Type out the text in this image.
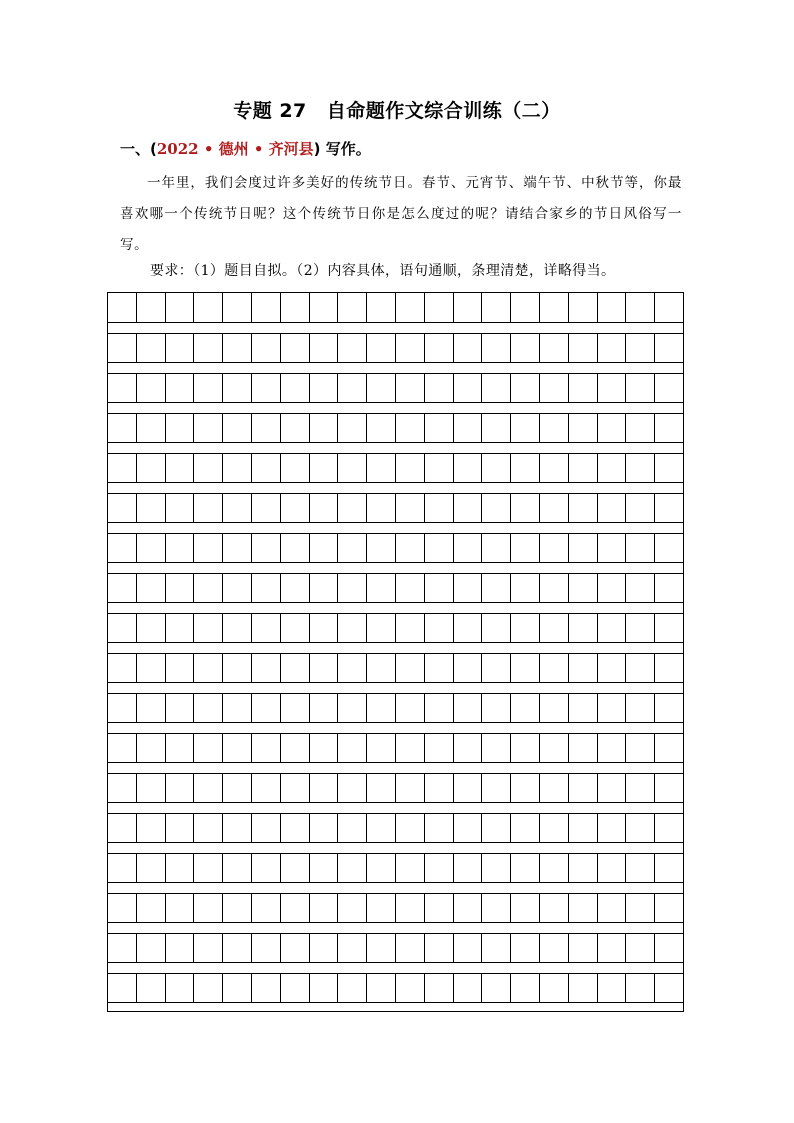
专题 27 自命题作文综合训练（二）
一、(2022 • 德州 • 齐河县) 写作。
一年里，我们会度过许多美好的传统节日。春节、元宵节、端午节、中秋节等，你最喜欢哪一个传统节日呢？这个传统节日你是怎么度过的呢？请结合家乡的节日风俗写一写。
要求：（1）题目自拟。（2）内容具体，语句通顺，条理清楚，详略得当。
